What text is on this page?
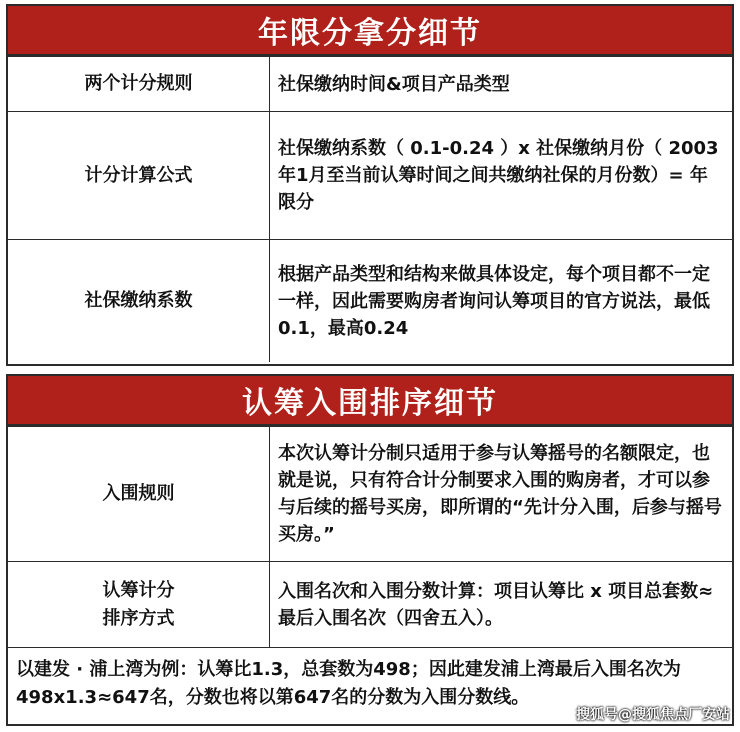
年限分拿分细节
两个计分规则	社保缴纳时间&项目产品类型
计分计算公式
社保缴纳系数（ 0.1-0.24 ）x 社保缴纳月份（ 2003年1月至当前认筹时间之间共缴纳社保的月份数）= 年限分
社保缴纳系数
根据产品类型和结构来做具体设定，每个项目都不一定一样，因此需要购房者询问认筹项目的官方说法，最低0.1，最高0.24
认筹入围排序细节
入围规则
本次认筹计分制只适用于参与认筹摇号的名额限定，也就是说，只有符合计分制要求入围的购房者，才可以参与后续的摇号买房，即所谓的“先计分入围，后参与摇号买房。”
认筹计分
排序方式
入围名次和入围分数计算：项目认筹比 x 项目总套数≈最后入围名次（四舍五入）。
以建发 · 浦上湾为例：认筹比1.3，总套数为498；因此建发浦上湾最后入围名次为498x1.3≈647名，分数也将以第647名的分数为入围分数线。
搜狐号@搜狐焦点厂安站
